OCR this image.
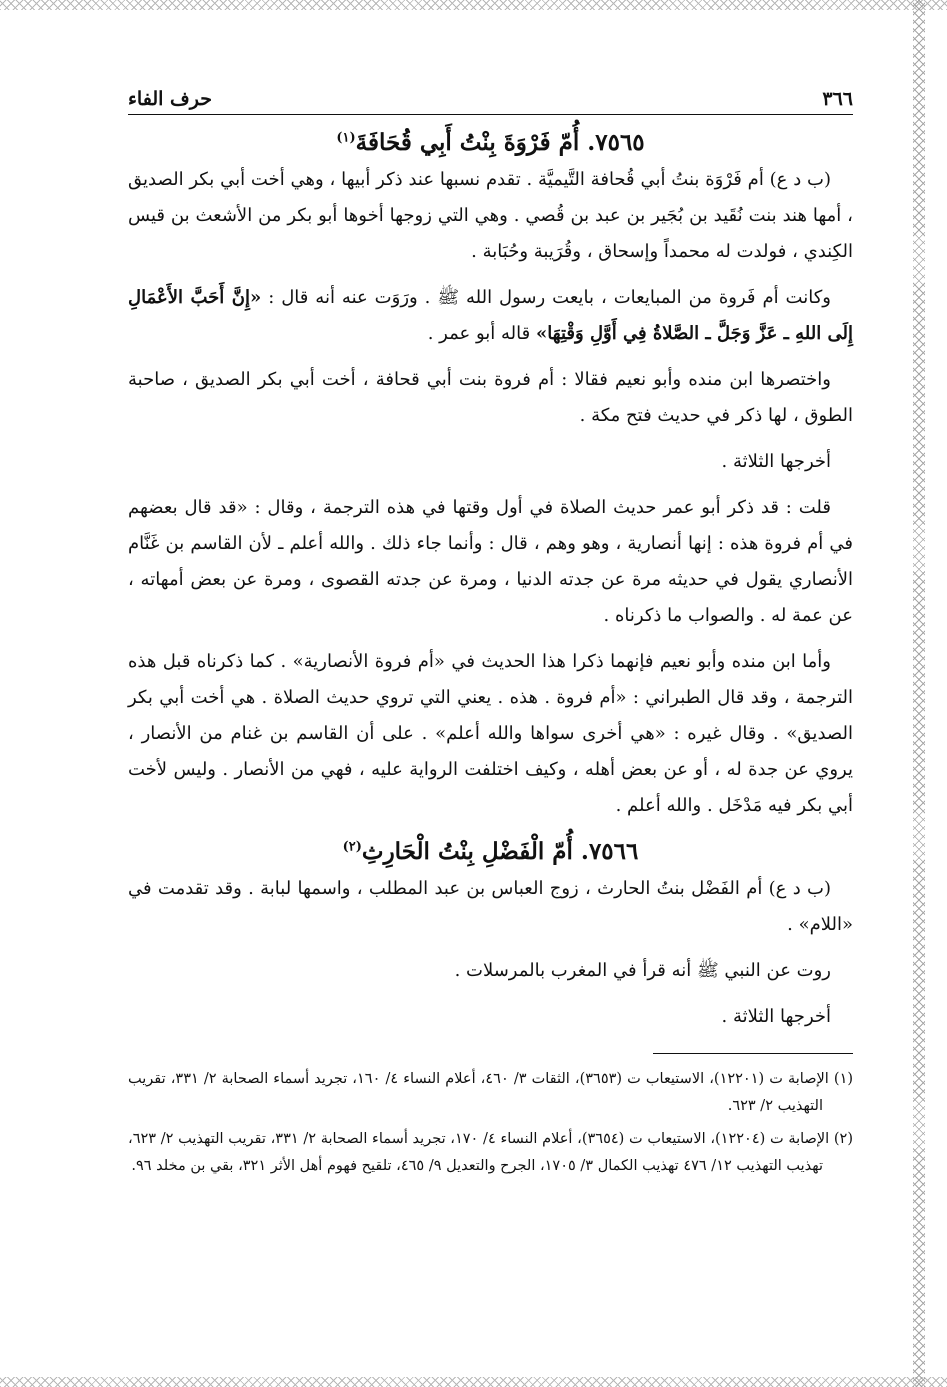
٣٦٦
حرف الفاء
٧٥٦٥. أُمّ فَرْوَةَ بِنْتُ أَبِي قُحَافَةَ$^{(١)}$

(ب د ع) أم فَرْوَة بنتُ أبي قُحافة التَّيميَّة . تقدم نسبها عند ذكر أبيها ، وهي أخت أبي بكر الصديق ، أمها هند بنت نُقَيد بن بُجَير بن عبد بن قُصي . وهي التي زوجها أخوها أبو بكر من الأشعث بن قيس الكِندي ، فولدت له محمداً وإسحاق ، وقُرَيبة وحُبَابة .

وكانت أم فَروة من المبايعات ، بايعت رسول الله ﷺ . ورَوَت عنه أنه قال : «إِنَّ أَحَبَّ الأَعْمَالِ إِلَى اللهِ ـ عَزَّ وَجَلَّ ـ الصَّلاةُ فِي أَوَّلِ وَقْتِهَا» قاله أبو عمر .

واختصرها ابن منده وأبو نعيم فقالا : أم فروة بنت أبي قحافة ، أخت أبي بكر الصديق ، صاحبة الطوق ، لها ذكر في حديث فتح مكة .

أخرجها الثلاثة .

قلت : قد ذكر أبو عمر حديث الصلاة في أول وقتها في هذه الترجمة ، وقال : «قد قال بعضهم في أم فروة هذه : إنها أنصارية ، وهو وهم ، قال : وأنما جاء ذلك . والله أعلم ـ لأن القاسم بن غَنَّام الأنصاري يقول في حديثه مرة عن جدته الدنيا ، ومرة عن جدته القصوى ، ومرة عن بعض أمهاته ، عن عمة له . والصواب ما ذكرناه .

وأما ابن منده وأبو نعيم فإنهما ذكرا هذا الحديث في «أم فروة الأنصارية» . كما ذكرناه قبل هذه الترجمة ، وقد قال الطبراني : «أم فروة . هذه . يعني التي تروي حديث الصلاة . هي أخت أبي بكر الصديق» . وقال غيره : «هي أخرى سواها والله أعلم» . على أن القاسم بن غنام من الأنصار ، يروي عن جدة له ، أو عن بعض أهله ، وكيف اختلفت الرواية عليه ، فهي من الأنصار . وليس لأخت أبي بكر فيه مَدْخَل . والله أعلم .

٧٥٦٦. أُمّ الْفَضْلِ بِنْتُ الْحَارِثِ$^{(٢)}$

(ب د ع) أم الفَضْل بنتُ الحارث ، زوج العباس بن عبد المطلب ، واسمها لبابة . وقد تقدمت في «اللام» .

روت عن النبي ﷺ أنه قرأ في المغرب بالمرسلات .

أخرجها الثلاثة .

(١) الإصابة ت (١٢٢٠١)، الاستيعاب ت (٣٦٥٣)، الثقات ٣/ ٤٦٠، أعلام النساء ٤/ ١٦٠، تجريد أسماء الصحابة ٢/ ٣٣١، تقريب التهذيب ٢/ ٦٢٣.

(٢) الإصابة ت (١٢٢٠٤)، الاستيعاب ت (٣٦٥٤)، أعلام النساء ٤/ ١٧٠، تجريد أسماء الصحابة ٢/ ٣٣١، تقريب التهذيب ٢/ ٦٢٣، تهذيب التهذيب ١٢/ ٤٧٦ تهذيب الكمال ٣/ ١٧٠٥، الجرح والتعديل ٩/ ٤٦٥، تلقيح فهوم أهل الأثر ٣٢١، بقي بن مخلد ٩٦.
